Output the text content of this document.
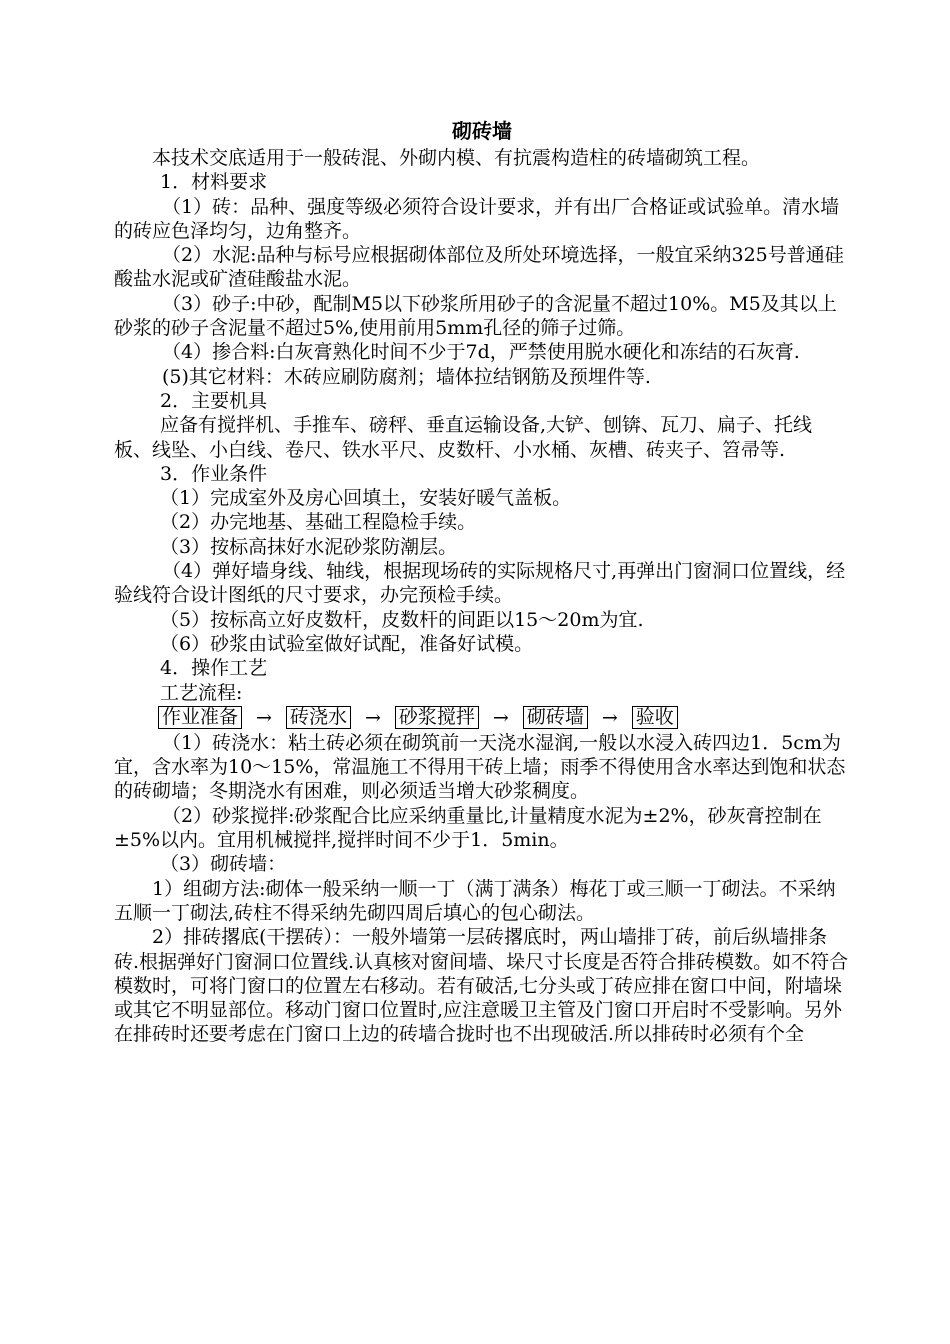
砌砖墙

本技术交底适用于一般砖混、外砌内模、有抗震构造柱的砖墙砌筑工程。

1．材料要求

（1）砖：品种、强度等级必须符合设计要求，并有出厂合格证或试验单。清水墙的砖应色泽均匀，边角整齐。

（2）水泥:品种与标号应根据砌体部位及所处环境选择，一般宜采纳325号普通硅酸盐水泥或矿渣硅酸盐水泥。

（3）砂子:中砂，配制M5以下砂浆所用砂子的含泥量不超过10%。M5及其以上砂浆的砂子含泥量不超过5%,使用前用5mm孔径的筛子过筛。

（4）掺合料:白灰膏熟化时间不少于7d，严禁使用脱水硬化和冻结的石灰膏.

(5)其它材料：木砖应刷防腐剂；墙体拉结钢筋及预埋件等.

2．主要机具

应备有搅拌机、手推车、磅秤、垂直运输设备,大铲、刨锛、瓦刀、扁子、托线板、线坠、小白线、卷尺、铁水平尺、皮数杆、小水桶、灰槽、砖夹子、笤帚等.

3．作业条件

（1）完成室外及房心回填土，安装好暖气盖板。

（2）办完地基、基础工程隐检手续。

（3）按标高抹好水泥砂浆防潮层。

（4）弹好墙身线、轴线，根据现场砖的实际规格尺寸,再弹出门窗洞口位置线，经验线符合设计图纸的尺寸要求，办完预检手续。

（5）按标高立好皮数杆，皮数杆的间距以15～20m为宜.

（6）砂浆由试验室做好试配，准备好试模。

4．操作工艺

工艺流程:

作业准备 → 砖浇水 → 砂浆搅拌 → 砌砖墙 → 验收

（1）砖浇水：粘土砖必须在砌筑前一天浇水湿润,一般以水浸入砖四边1．5cm为宜，含水率为10～15%，常温施工不得用干砖上墙；雨季不得使用含水率达到饱和状态的砖砌墙；冬期浇水有困难，则必须适当增大砂浆稠度。

（2）砂浆搅拌:砂浆配合比应采纳重量比,计量精度水泥为±2%，砂灰膏控制在±5%以内。宜用机械搅拌,搅拌时间不少于1．5min。

（3）砌砖墙：

1）组砌方法:砌体一般采纳一顺一丁（满丁满条）梅花丁或三顺一丁砌法。不采纳五顺一丁砌法,砖柱不得采纳先砌四周后填心的包心砌法。

2）排砖撂底(干摆砖）：一般外墙第一层砖撂底时，两山墙排丁砖，前后纵墙排条砖.根据弹好门窗洞口位置线.认真核对窗间墙、垛尺寸长度是否符合排砖模数。如不符合模数时，可将门窗口的位置左右移动。若有破活,七分头或丁砖应排在窗口中间，附墙垛或其它不明显部位。移动门窗口位置时,应注意暖卫主管及门窗口开启时不受影响。另外在排砖时还要考虑在门窗口上边的砖墙合拢时也不出现破活.所以排砖时必须有个全
